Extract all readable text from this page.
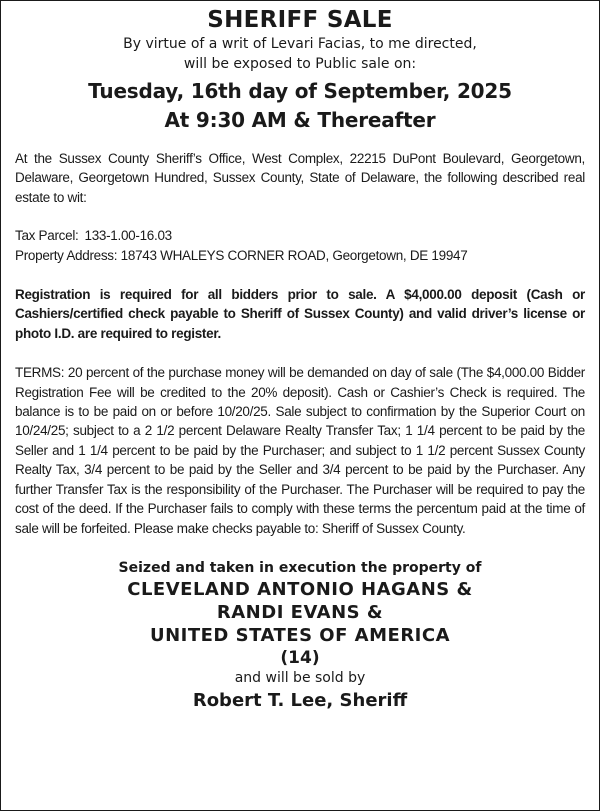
SHERIFF SALE
By virtue of a writ of Levari Facias, to me directed,
will be exposed to Public sale on:
Tuesday, 16th day of September, 2025
At 9:30 AM & Thereafter
At the Sussex County Sheriff’s Office, West Complex, 22215 DuPont Boulevard, Georgetown, Delaware, Georgetown Hundred, Sussex County, State of Delaware, the following described real estate to wit:
Tax Parcel: 133-1.00-16.03
Property Address: 18743 WHALEYS CORNER ROAD, Georgetown, DE 19947
Registration is required for all bidders prior to sale. A $4,000.00 deposit (Cash or Cashiers/certified check payable to Sheriff of Sussex County) and valid driver’s license or photo I.D. are required to register.
TERMS: 20 percent of the purchase money will be demanded on day of sale (The $4,000.00 Bidder Registration Fee will be credited to the 20% deposit). Cash or Cashier’s Check is required. The balance is to be paid on or before 10/20/25. Sale subject to confirmation by the Superior Court on 10/24/25; subject to a 2 1/2 percent Delaware Realty Transfer Tax; 1 1/4 percent to be paid by the Seller and 1 1/4 percent to be paid by the Purchaser; and subject to 1 1/2 percent Sussex County Realty Tax, 3/4 percent to be paid by the Seller and 3/4 percent to be paid by the Purchaser. Any further Transfer Tax is the responsibility of the Purchaser. The Purchaser will be required to pay the cost of the deed. If the Purchaser fails to comply with these terms the percentum paid at the time of sale will be forfeited. Please make checks payable to: Sheriff of Sussex County.
Seized and taken in execution the property of
CLEVELAND ANTONIO HAGANS &
RANDI EVANS &
UNITED STATES OF AMERICA
(14)
and will be sold by
Robert T. Lee, Sheriff
